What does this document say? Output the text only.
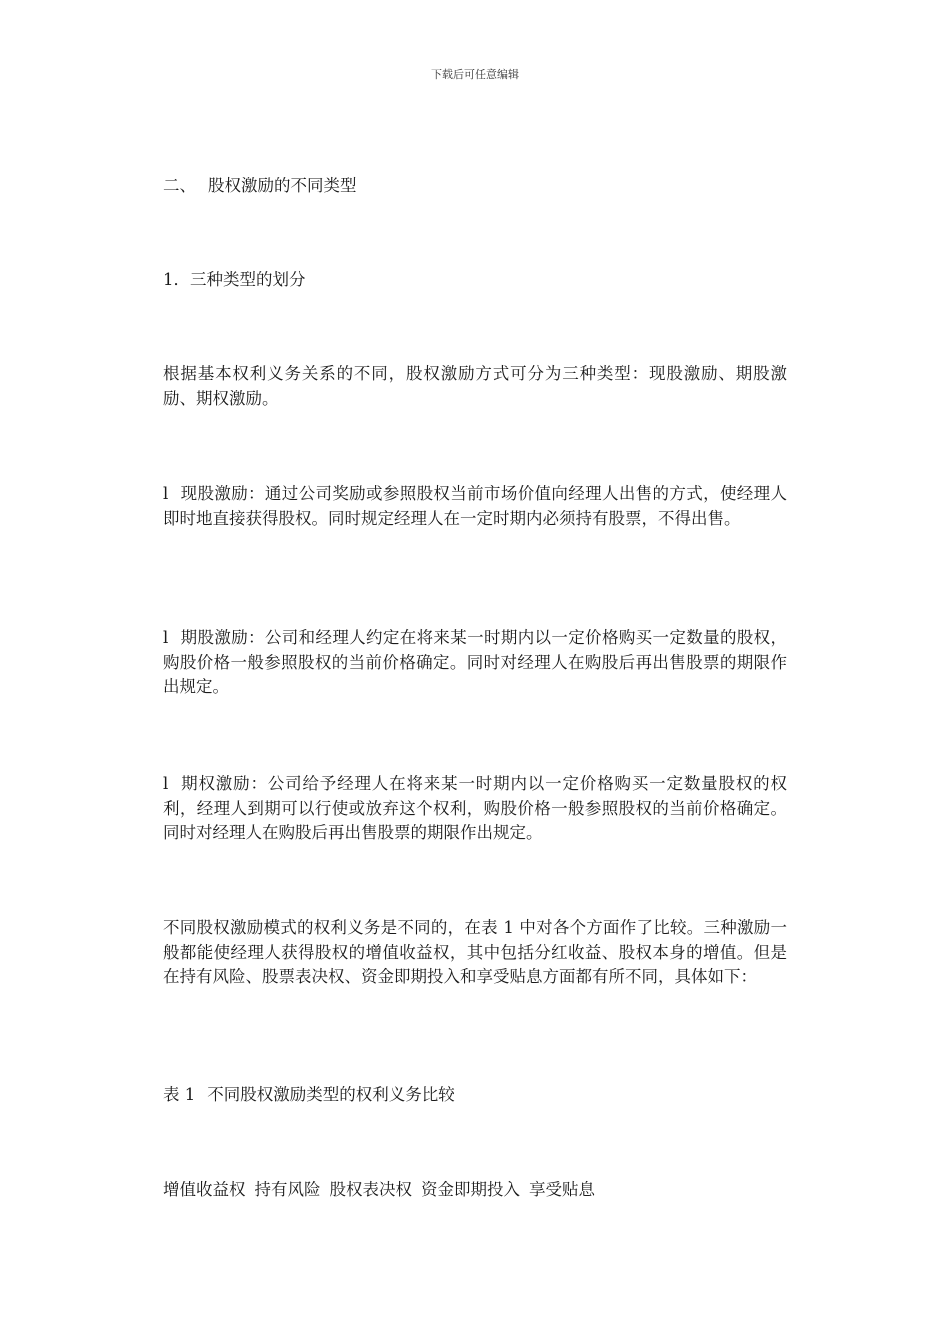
下载后可任意编辑

二、 股权激励的不同类型

1．三种类型的划分

根据基本权利义务关系的不同，股权激励方式可分为三种类型：现股激励、期股激励、期权激励。

l 现股激励：通过公司奖励或参照股权当前市场价值向经理人出售的方式，使经理人即时地直接获得股权。同时规定经理人在一定时期内必须持有股票，不得出售。

l 期股激励：公司和经理人约定在将来某一时期内以一定价格购买一定数量的股权，购股价格一般参照股权的当前价格确定。同时对经理人在购股后再出售股票的期限作出规定。

l 期权激励：公司给予经理人在将来某一时期内以一定价格购买一定数量股权的权利，经理人到期可以行使或放弃这个权利，购股价格一般参照股权的当前价格确定。同时对经理人在购股后再出售股票的期限作出规定。

不同股权激励模式的权利义务是不同的，在表 1 中对各个方面作了比较。三种激励一般都能使经理人获得股权的增值收益权，其中包括分红收益、股权本身的增值。但是在持有风险、股票表决权、资金即期投入和享受贴息方面都有所不同，具体如下：

表 1 不同股权激励类型的权利义务比较

增值收益权 持有风险 股权表决权 资金即期投入 享受贴息
